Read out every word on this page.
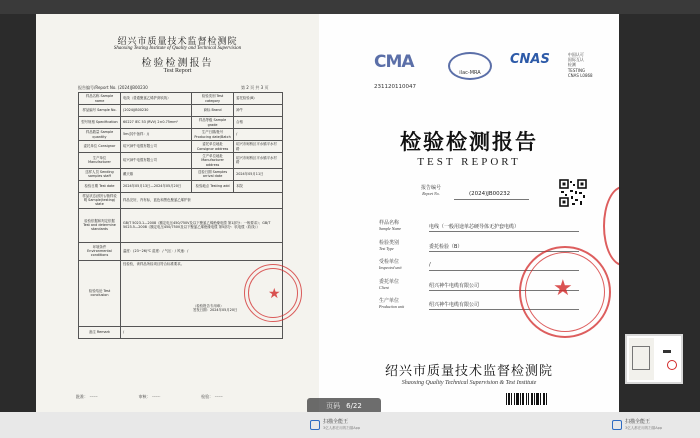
绍兴市质量技术监督检测院
Shaoxing Testing Institute of Quality and Technical Supervision
检验检测报告
Test Report
报告编号/Report No. (2024)JB00230	第 2 页 共 3 页
样品名称 Sample name	电线（普通聚氯乙烯护套软线）	检验类别 Test category	委托检验(B)
样品编号 Sample No.	(2024)JB00230	商标 Brand	神牛
型号规格 Specification	60227 IEC 53 (RVV) 2×0.75mm²	样品等级 Sample grade	合格
样品数量 Sample quantity	5m(其中备样：/)	生产日期/批号 Producing date/Batch	/
委托单位 Consignor	绍兴神牛电缆有限公司	委托单位地址 Consignor address	绍兴市柯桥区平水镇平水村路
生产单位 Manufacturer	绍兴神牛电缆有限公司	生产单位地址 Manufacturer address	绍兴市柯桥区平水镇平水村路
送样人员 Sending samples staff	戴天雄	送检日期 Samples arrival date	2024年05月11日
检验日期 Test date	2024年05月13日—2024年05月20日	检验地点 Testing add	本院
样品状态(照片)/抽样说明 Sample(testing) state	样品完好，内有标，蓝色和黑色聚氯乙烯护套		
检验依据和判定依据 Test and determine standards	GB/T 5023.1—2008《额定电压450/750V及以下聚氯乙烯绝缘电缆 第1部分：一般要求》；GB/T 5023.5—2008《额定电压450/750V及以下聚氯乙烯绝缘电缆 第5部分：软电缆（软线）》		
环境条件 Environmental conditions	温度：(23~26)℃ 湿度：/ 气压：/ 风速：/		
检验结论 Test conclusion	经检验，该样品所检项目符合标准要求。
（检验报告专用章）
签发日期：2024年05月20日		

备注 Remark	/		
★
批准： 〰〰	审核： 〰〰	检验： 〰〰
CMA
231120110047
ilac-MRA
CNAS	中国认可
国际互认
检测
TESTING
CNAS L0868
检验检测报告
TEST REPORT
报告编号
Report No.	(2024)JB00232
样品名称
Sample Name	电线（一般用途单芯硬导体无护套电缆）
检验类别
Test Type	委托检验（B）
受检单位
Inspected unit	/
委托单位
Client	绍兴神牛电缆有限公司
生产单位
Production unit	绍兴神牛电缆有限公司
★
绍兴市质量技术监督检测院
Shaoxing Quality Technical Supervision & Test Institute
页码 6/22
扫描全能王
3亿人都在用的扫描App
扫描全能王
3亿人都在用的扫描App
